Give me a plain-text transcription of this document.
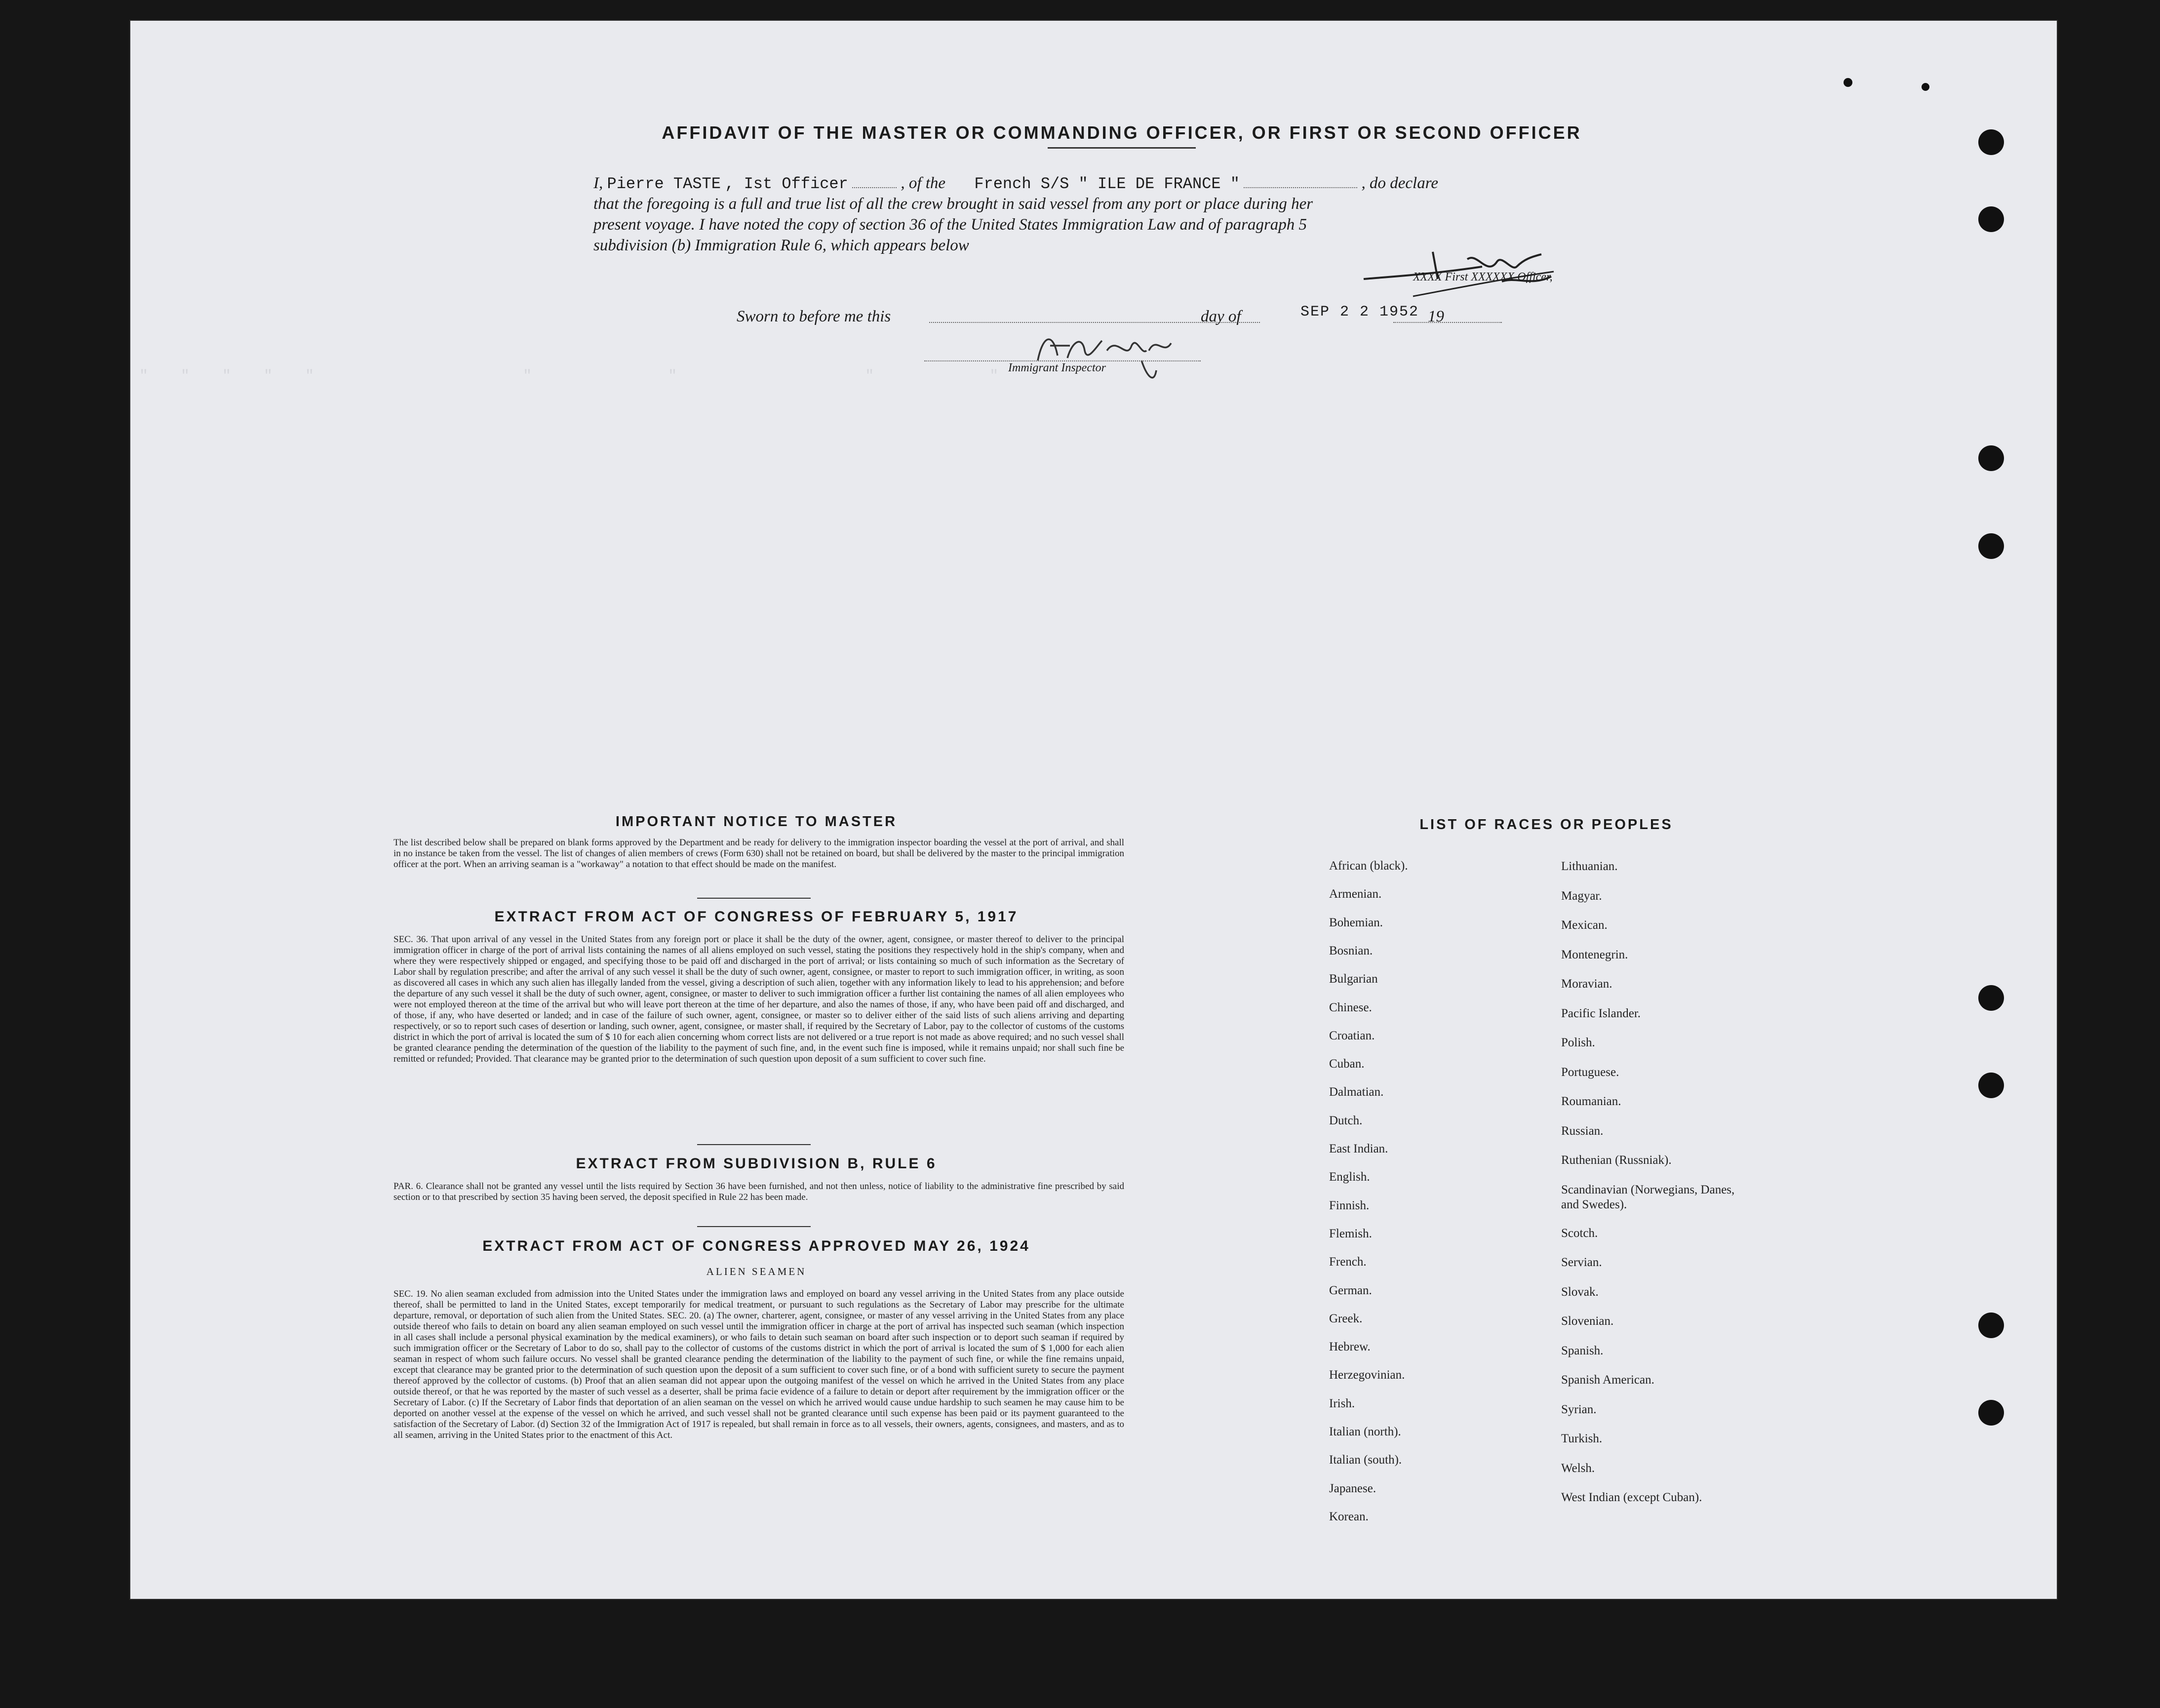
"   "   "   "   "                    "             "                  "           "
AFFIDAVIT OF THE MASTER OR COMMANDING OFFICER, OR FIRST OR SECOND OFFICER
I, Pierre TASTE , Ist Officer	, of the French S/S " ILE DE FRANCE "	, do declare
that the foregoing is a full and true list of all the crew brought in said vessel from any port or place during her
present voyage. I have noted the copy of section 36 of the United States Immigration Law and of paragraph 5
subdivision (b) Immigration Rule 6, which appears below
XXXX First XXXXXX Officer,
Sworn to before me this	day of	SEP 2 2 1952 19
Immigrant Inspector
IMPORTANT NOTICE TO MASTER
The list described below shall be prepared on blank forms approved by the Department and be ready for delivery to the immigration inspector boarding the vessel at the port of arrival, and shall in no instance be taken from the vessel. The list of changes of alien members of crews (Form 630) shall not be retained on board, but shall be delivered by the master to the principal immigration officer at the port. When an arriving seaman is a "workaway" a notation to that effect should be made on the manifest.
EXTRACT FROM ACT OF CONGRESS OF FEBRUARY 5, 1917
SEC. 36. That upon arrival of any vessel in the United States from any foreign port or place it shall be the duty of the owner, agent, consignee, or master thereof to deliver to the principal immigration officer in charge of the port of arrival lists containing the names of all aliens employed on such vessel, stating the positions they respectively hold in the ship's company, when and where they were respectively shipped or engaged, and specifying those to be paid off and discharged in the port of arrival; or lists containing so much of such information as the Secretary of Labor shall by regulation prescribe; and after the arrival of any such vessel it shall be the duty of such owner, agent, consignee, or master to report to such immigration officer, in writing, as soon as discovered all cases in which any such alien has illegally landed from the vessel, giving a description of such alien, together with any information likely to lead to his apprehension; and before the departure of any such vessel it shall be the duty of such owner, agent, consignee, or master to deliver to such immigration officer a further list containing the names of all alien employees who were not employed thereon at the time of the arrival but who will leave port thereon at the time of her departure, and also the names of those, if any, who have been paid off and discharged, and of those, if any, who have deserted or landed; and in case of the failure of such owner, agent, consignee, or master so to deliver either of the said lists of such aliens arriving and departing respectively, or so to report such cases of desertion or landing, such owner, agent, consignee, or master shall, if required by the Secretary of Labor, pay to the collector of customs of the customs district in which the port of arrival is located the sum of $ 10 for each alien concerning whom correct lists are not delivered or a true report is not made as above required; and no such vessel shall be granted clearance pending the determination of the question of the liability to the payment of such fine, and, in the event such fine is imposed, while it remains unpaid; nor shall such fine be remitted or refunded; Provided. That clearance may be granted prior to the determination of such question upon deposit of a sum sufficient to cover such fine.
EXTRACT FROM SUBDIVISION B, RULE 6
PAR. 6. Clearance shall not be granted any vessel until the lists required by Section 36 have been furnished, and not then unless, notice of liability to the administrative fine prescribed by said section or to that prescribed by section 35 having been served, the deposit specified in Rule 22 has been made.
EXTRACT FROM ACT OF CONGRESS APPROVED MAY 26, 1924
ALIEN SEAMEN
SEC. 19. No alien seaman excluded from admission into the United States under the immigration laws and employed on board any vessel arriving in the United States from any place outside thereof, shall be permitted to land in the United States, except temporarily for medical treatment, or pursuant to such regulations as the Secretary of Labor may prescribe for the ultimate departure, removal, or deportation of such alien from the United States. SEC. 20. (a) The owner, charterer, agent, consignee, or master of any vessel arriving in the United States from any place outside thereof who fails to detain on board any alien seaman employed on such vessel until the immigration officer in charge at the port of arrival has inspected such seaman (which inspection in all cases shall include a personal physical examination by the medical examiners), or who fails to detain such seaman on board after such inspection or to deport such seaman if required by such immigration officer or the Secretary of Labor to do so, shall pay to the collector of customs of the customs district in which the port of arrival is located the sum of $ 1,000 for each alien seaman in respect of whom such failure occurs. No vessel shall be granted clearance pending the determination of the liability to the payment of such fine, or while the fine remains unpaid, except that clearance may be granted prior to the determination of such question upon the deposit of a sum sufficient to cover such fine, or of a bond with sufficient surety to secure the payment thereof approved by the collector of customs. (b) Proof that an alien seaman did not appear upon the outgoing manifest of the vessel on which he arrived in the United States from any place outside thereof, or that he was reported by the master of such vessel as a deserter, shall be prima facie evidence of a failure to detain or deport after requirement by the immigration officer or the Secretary of Labor. (c) If the Secretary of Labor finds that deportation of an alien seaman on the vessel on which he arrived would cause undue hardship to such seamen he may cause him to be deported on another vessel at the expense of the vessel on which he arrived, and such vessel shall not be granted clearance until such expense has been paid or its payment guaranteed to the satisfaction of the Secretary of Labor. (d) Section 32 of the Immigration Act of 1917 is repealed, but shall remain in force as to all vessels, their owners, agents, consignees, and masters, and as to all seamen, arriving in the United States prior to the enactment of this Act.
LIST OF RACES OR PEOPLES
African (black).
Armenian.
Bohemian.
Bosnian.
Bulgarian
Chinese.
Croatian.
Cuban.
Dalmatian.
Dutch.
East Indian.
English.
Finnish.
Flemish.
French.
German.
Greek.
Hebrew.
Herzegovinian.
Irish.
Italian (north).
Italian (south).
Japanese.
Korean.
Lithuanian.
Magyar.
Mexican.
Montenegrin.
Moravian.
Pacific Islander.
Polish.
Portuguese.
Roumanian.
Russian.
Ruthenian (Russniak).
Scandinavian (Norwegians, Danes, and Swedes).
Scotch.
Servian.
Slovak.
Slovenian.
Spanish.
Spanish American.
Syrian.
Turkish.
Welsh.
West Indian (except Cuban).
